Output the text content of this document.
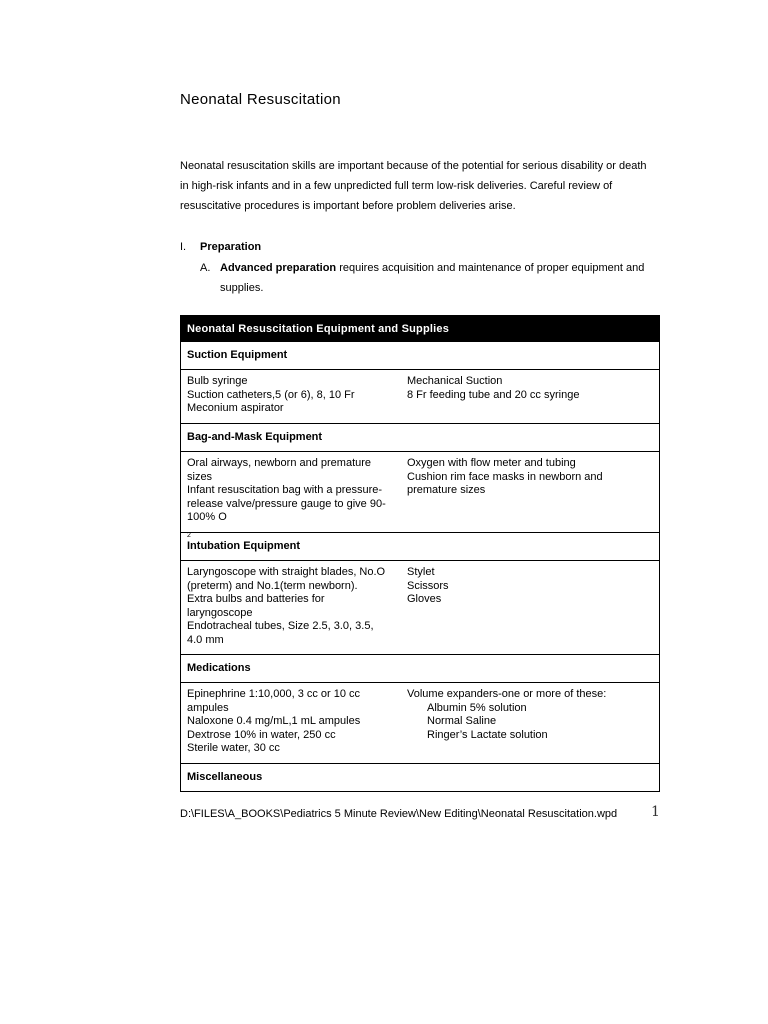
Neonatal Resuscitation

Neonatal resuscitation skills are important because of the potential for serious disability or death
in high-risk infants and in a few unpredicted full term low-risk deliveries. Careful review of
resuscitative procedures is important before problem deliveries arise.

I. Preparation
A. Advanced preparation requires acquisition and maintenance of proper equipment and
supplies.
Neonatal Resuscitation Equipment and Supplies
Suction Equipment
Bulb syringe
Suction catheters,5 (or 6), 8, 10 Fr
Meconium aspirator
Mechanical Suction
8 Fr feeding tube and 20 cc syringe
Bag-and-Mask Equipment
Oral airways, newborn and premature
sizes
Infant resuscitation bag with a pressure-
release valve/pressure gauge to give 90-
100% O
$_2$
Oxygen with flow meter and tubing
Cushion rim face masks in newborn and
premature sizes
Intubation Equipment
Laryngoscope with straight blades, No.O
(preterm) and No.1(term newborn).
Extra bulbs and batteries for
laryngoscope
Endotracheal tubes, Size 2.5, 3.0, 3.5,
4.0 mm
Stylet
Scissors
Gloves
Medications
Epinephrine 1:10,000, 3 cc or 10 cc
ampules
Naloxone 0.4 mg/mL,1 mL ampules
Dextrose 10% in water, 250 cc
Sterile water, 30 cc
Volume expanders-one or more of these:
Albumin 5% solution
Normal Saline
Ringer’s Lactate solution
Miscellaneous
D:\FILES\A_BOOKS\Pediatrics 5 Minute Review\New Editing\Neonatal Resuscitation.wpd 1
